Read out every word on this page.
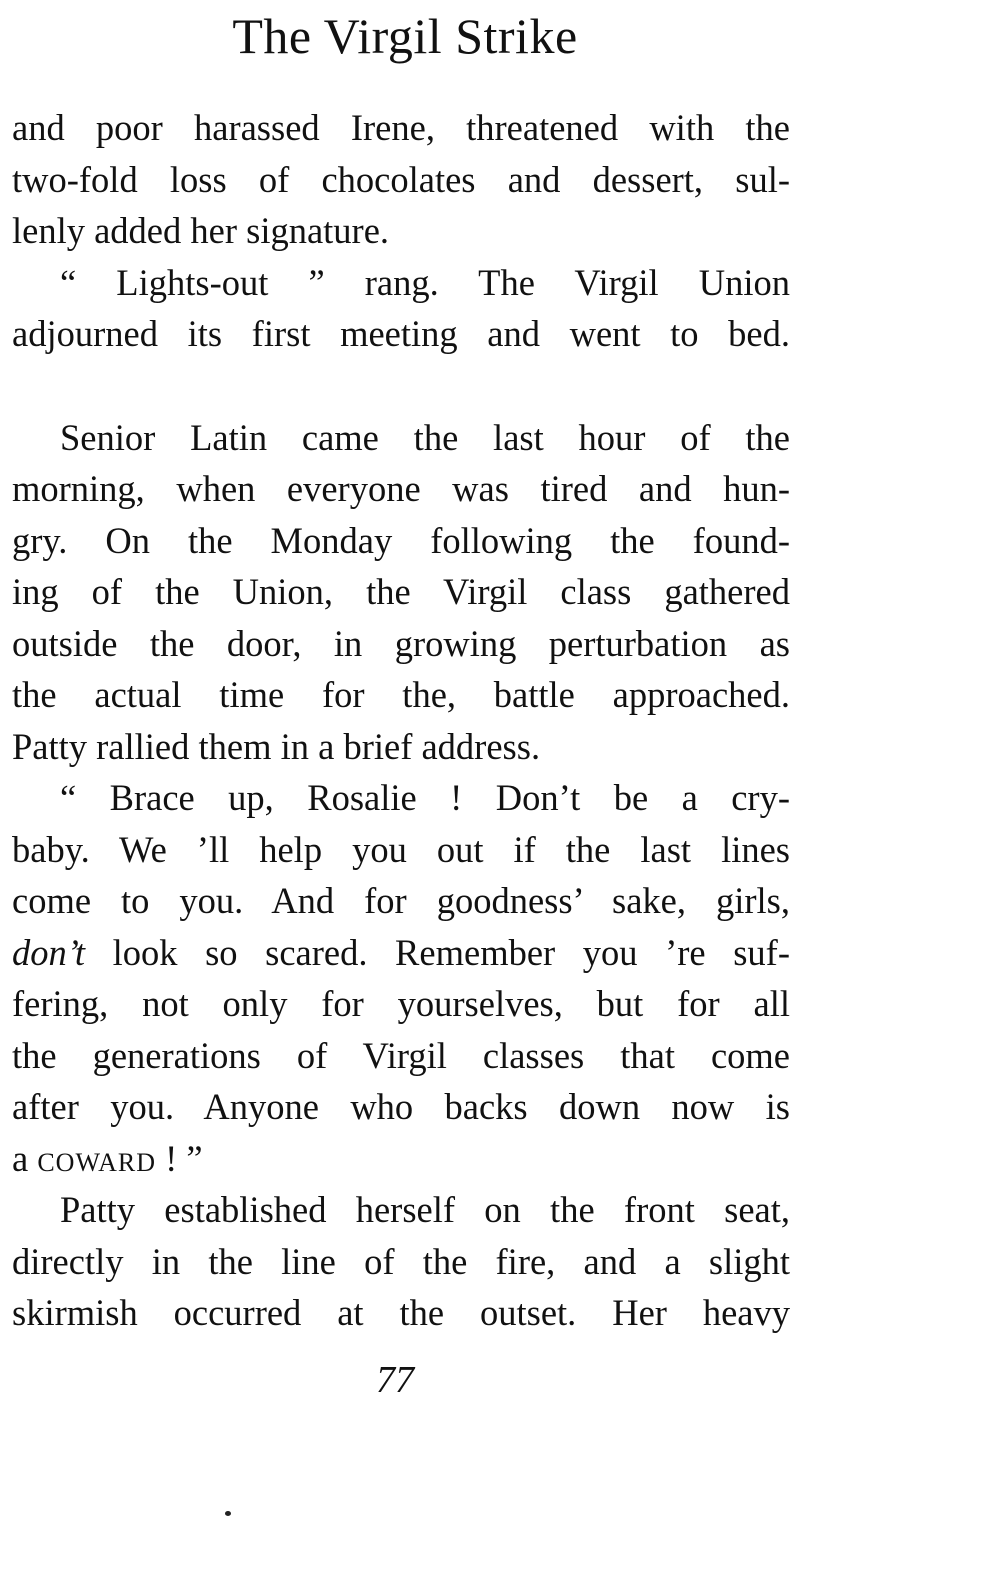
The Virgil Strike
and poor harassed Irene, threatened with the
two-fold loss of chocolates and dessert, sul-
lenly added her signature.
“ Lights-out ” rang. The Virgil Union
adjourned its first meeting and went to bed.
Senior Latin came the last hour of the
morning, when everyone was tired and hun-
gry. On the Monday following the found-
ing of the Union, the Virgil class gathered
outside the door, in growing perturbation as
the actual time for the, battle approached.
Patty rallied them in a brief address.
“ Brace up, Rosalie ! Don’t be a cry-
baby. We ’ll help you out if the last lines
come to you. And for goodness’ sake, girls,
don’t look so scared. Remember you ’re suf-
fering, not only for yourselves, but for all
the generations of Virgil classes that come
after you. Anyone who backs down now is
a COWARD ! ”
Patty established herself on the front seat,
directly in the line of the fire, and a slight
skirmish occurred at the outset. Her heavy
77
